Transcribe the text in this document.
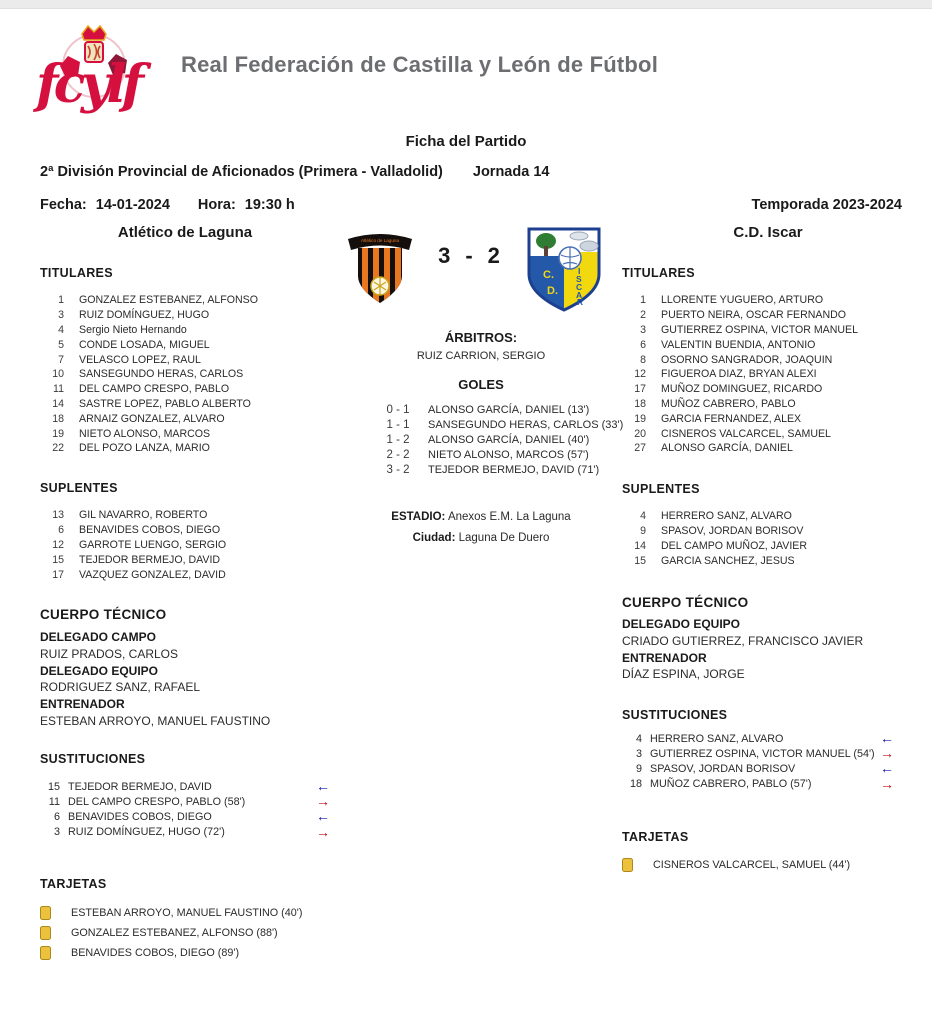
fcylf	Real Federación de Castilla y León de Fútbol
Ficha del Partido
2ª División Provincial de Aficionados (Primera - Valladolid) Jornada 14
Fecha: 14-01-2024 Hora: 19:30 h	Temporada 2023-2024
Atlético de Laguna	C.D. Iscar
Atlético de Laguna
3 - 2
C.
D.
I
S
C
A
R
TITULARES
1 GONZALEZ ESTEBANEZ, ALFONSO
3 RUIZ DOMÍNGUEZ, HUGO
4 Sergio Nieto Hernando
5 CONDE LOSADA, MIGUEL
7 VELASCO LOPEZ, RAUL
10 SANSEGUNDO HERAS, CARLOS
11 DEL CAMPO CRESPO, PABLO
14 SASTRE LOPEZ, PABLO ALBERTO
18 ARNAIZ GONZALEZ, ALVARO
19 NIETO ALONSO, MARCOS
22 DEL POZO LANZA, MARIO
SUPLENTES
13 GIL NAVARRO, ROBERTO
6 BENAVIDES COBOS, DIEGO
12 GARROTE LUENGO, SERGIO
15 TEJEDOR BERMEJO, DAVID
17 VAZQUEZ GONZALEZ, DAVID
CUERPO TÉCNICO
DELEGADO CAMPO
RUIZ PRADOS, CARLOS
DELEGADO EQUIPO
RODRIGUEZ SANZ, RAFAEL
ENTRENADOR
ESTEBAN ARROYO, MANUEL FAUSTINO
SUSTITUCIONES
15 TEJEDOR BERMEJO, DAVID	←
11 DEL CAMPO CRESPO, PABLO (58')	→
6 BENAVIDES COBOS, DIEGO	←
3 RUIZ DOMÍNGUEZ, HUGO (72')	→
TARJETAS
ESTEBAN ARROYO, MANUEL FAUSTINO (40')
GONZALEZ ESTEBANEZ, ALFONSO (88')
BENAVIDES COBOS, DIEGO (89')
ÁRBITROS:
RUIZ CARRION, SERGIO
GOLES
0 - 1	ALONSO GARCÍA, DANIEL (13')
1 - 1	SANSEGUNDO HERAS, CARLOS (33')
1 - 2	ALONSO GARCÍA, DANIEL (40')
2 - 2	NIETO ALONSO, MARCOS (57')
3 - 2	TEJEDOR BERMEJO, DAVID (71')
ESTADIO: Anexos E.M. La Laguna
Ciudad: Laguna De Duero
TITULARES
1 LLORENTE YUGUERO, ARTURO
2 PUERTO NEIRA, OSCAR FERNANDO
3 GUTIERREZ OSPINA, VICTOR MANUEL
6 VALENTIN BUENDIA, ANTONIO
8 OSORNO SANGRADOR, JOAQUIN
12 FIGUEROA DIAZ, BRYAN ALEXI
17 MUÑOZ DOMINGUEZ, RICARDO
18 MUÑOZ CABRERO, PABLO
19 GARCIA FERNANDEZ, ALEX
20 CISNEROS VALCARCEL, SAMUEL
27 ALONSO GARCÍA, DANIEL
SUPLENTES
4 HERRERO SANZ, ALVARO
9 SPASOV, JORDAN BORISOV
14 DEL CAMPO MUÑOZ, JAVIER
15 GARCIA SANCHEZ, JESUS
CUERPO TÉCNICO
DELEGADO EQUIPO
CRIADO GUTIERREZ, FRANCISCO JAVIER
ENTRENADOR
DÍAZ ESPINA, JORGE
SUSTITUCIONES
4 HERRERO SANZ, ALVARO	←
3 GUTIERREZ OSPINA, VICTOR MANUEL (54') →
9 SPASOV, JORDAN BORISOV	←
18 MUÑOZ CABRERO, PABLO (57')	→
TARJETAS
CISNEROS VALCARCEL, SAMUEL (44')
